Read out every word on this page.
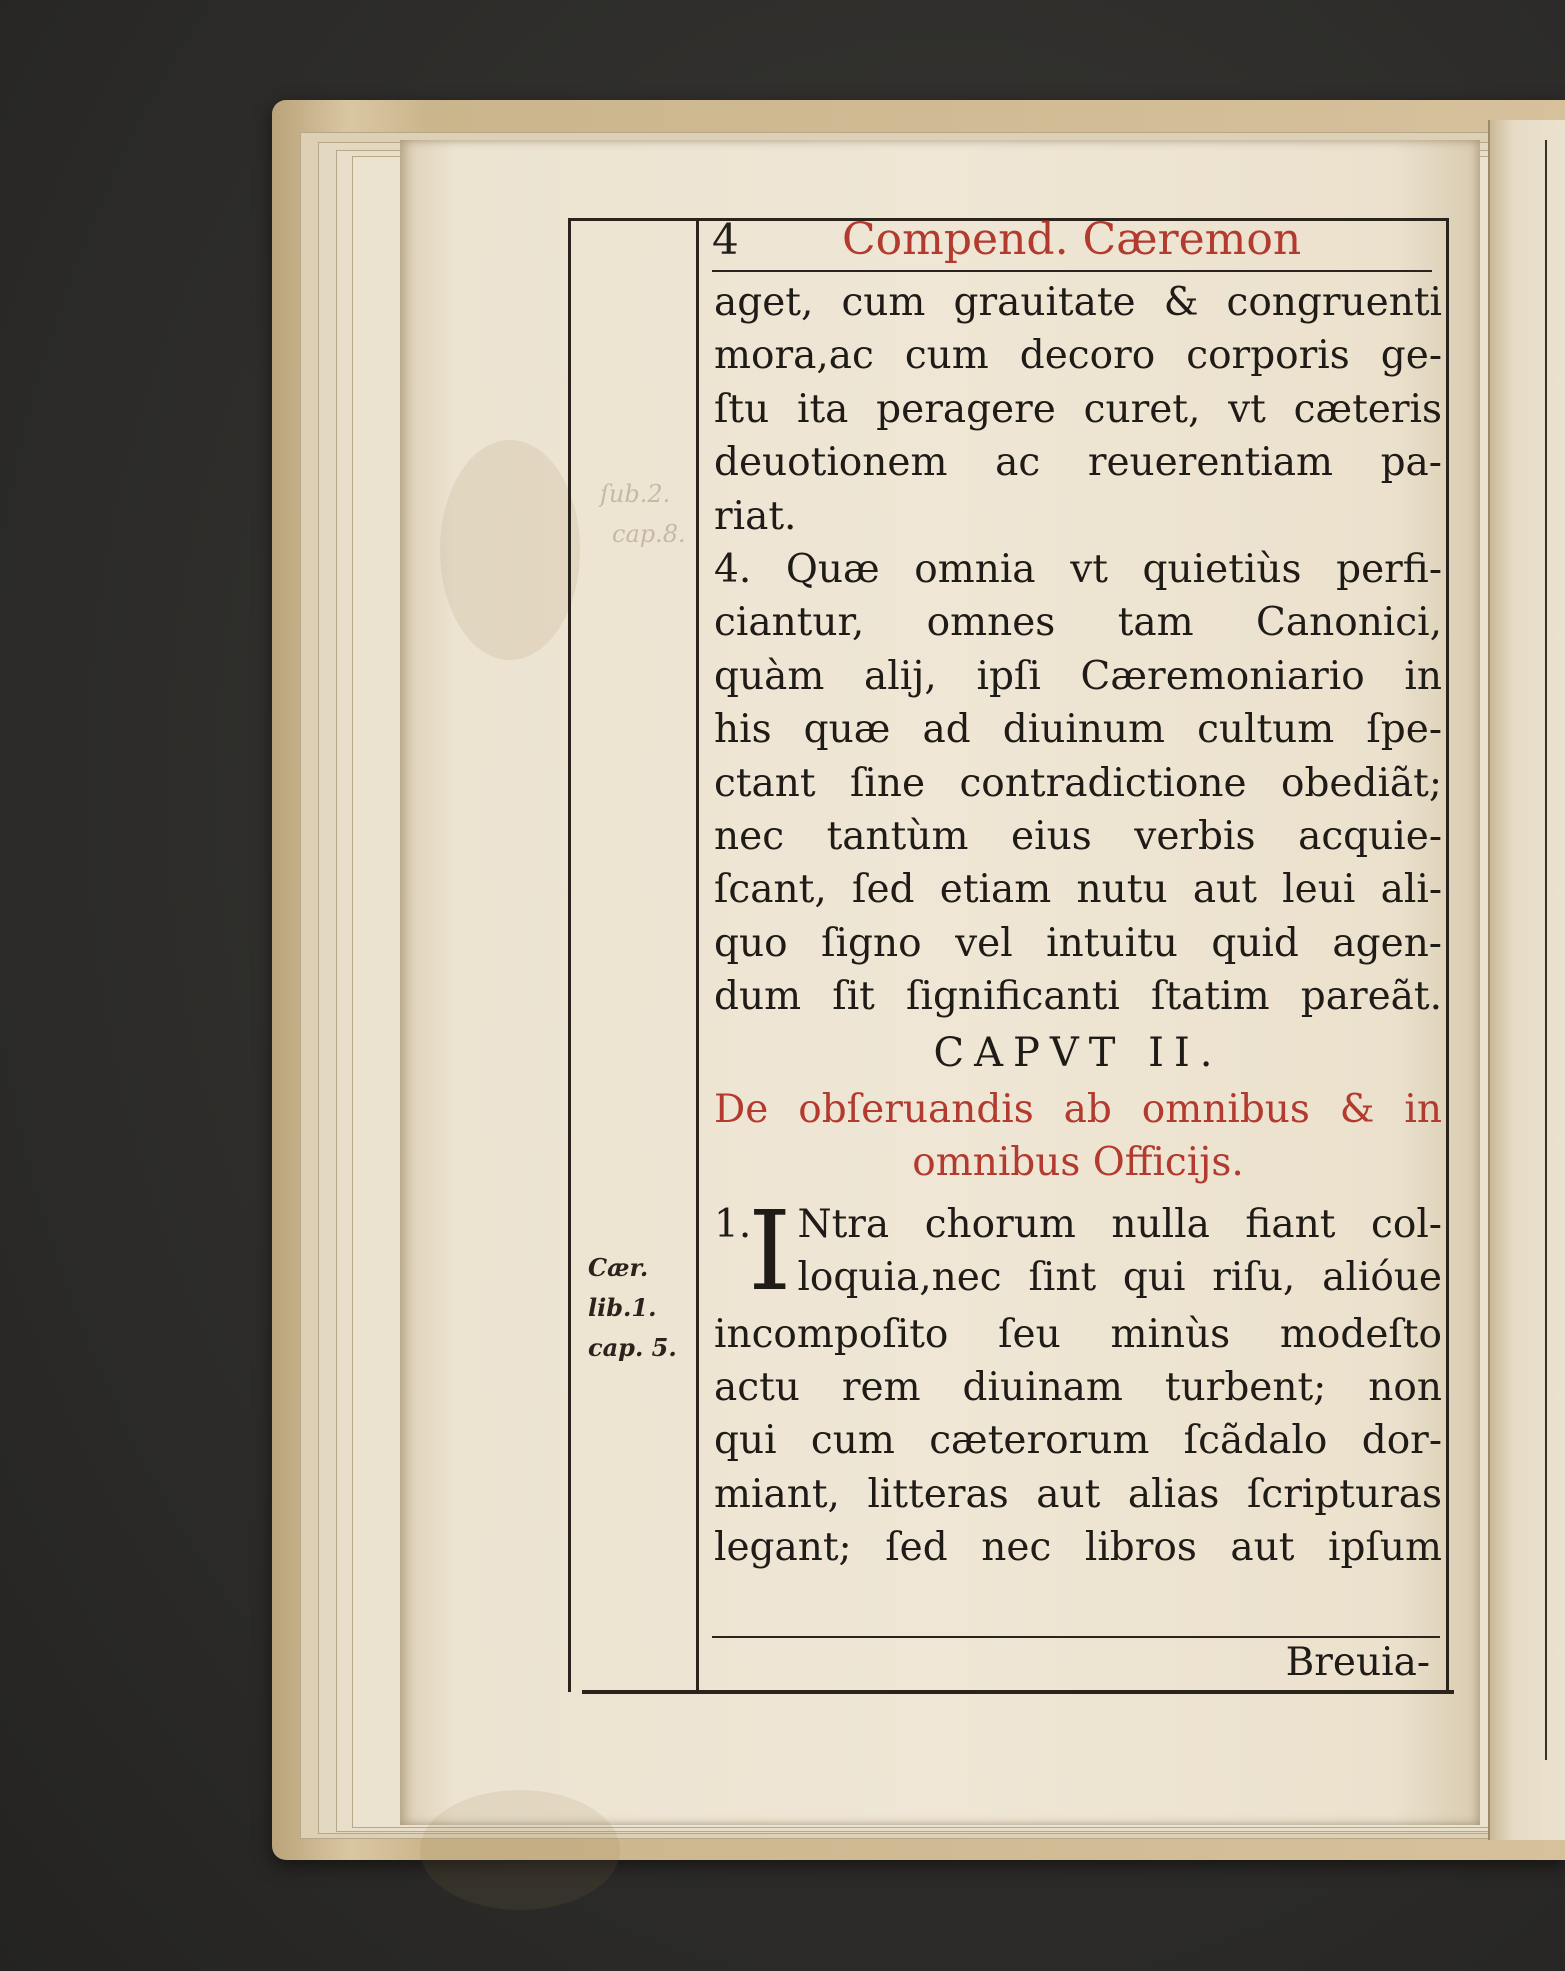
ſub.2.
cap.8.
4 Compend. Cæremon
aget, cum grauitate & congruenti
mora,ac cum decoro corporis ge-
ſtu ita peragere curet, vt cæteris
deuotionem ac reuerentiam pa-
riat.
4. Quæ omnia vt quietiùs perfi-
ciantur, omnes tam Canonici,
quàm alij, ipſi Cæremoniario in
his quæ ad diuinum cultum ſpe-
ctant ſine contradictione obediãt;
nec tantùm eius verbis acquie-
ſcant, ſed etiam nutu aut leui ali-
quo ſigno vel intuitu quid agen-
dum ſit ſignificanti ſtatim pareãt.
CAPVT II.
De obſeruandis ab omnibus & in
omnibus Officijs.
1.
I Ntra chorum nulla fiant col-
loquia,nec ſint qui riſu, alióue
incompoſito ſeu minùs modeſto
actu rem diuinam turbent; non
qui cum cæterorum ſcãdalo dor-
miant, litteras aut alias ſcripturas
legant; ſed nec libros aut ipſum
Cær.
lib.1.
cap. 5.
Breuia-
